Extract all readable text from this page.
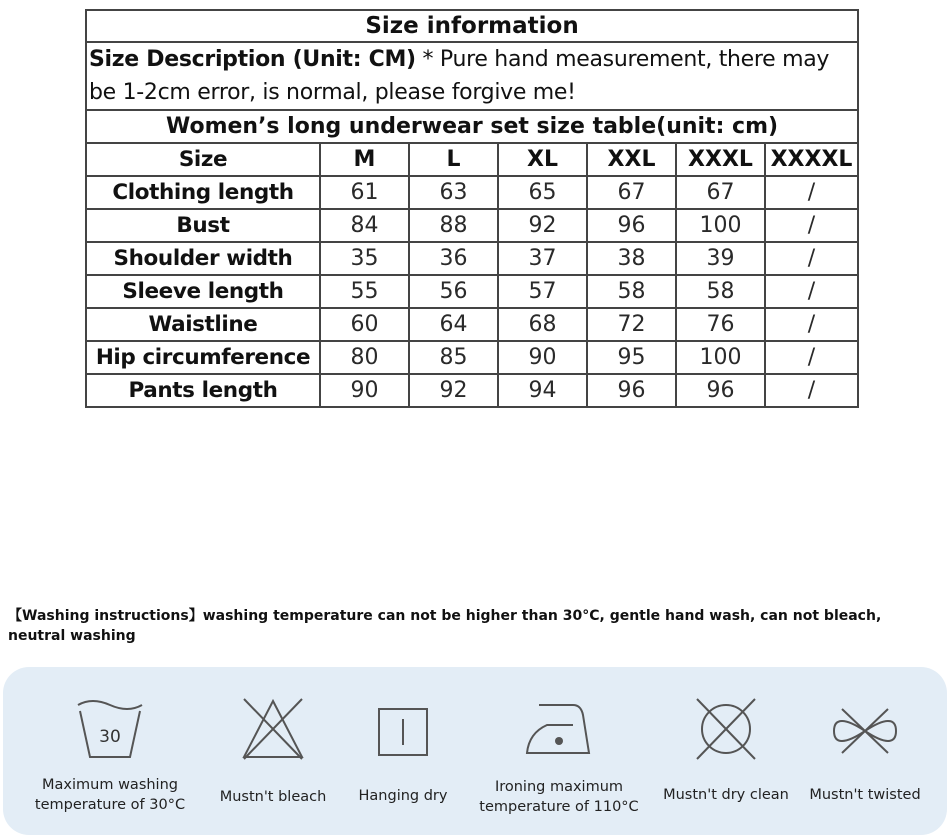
Size information						
Size Description (Unit: CM) * Pure hand measurement, there may be 1-2cm error, is normal, please forgive me!						
Women’s long underwear set size table(unit: cm)						
Size	M	L	XL	XXL	XXXL	XXXXL
Clothing length	61	63	65	67	67	/
Bust	84	88	92	96	100	/
Shoulder width	35	36	37	38	39	/
Sleeve length	55	56	57	58	58	/
Waistline	60	64	68	72	76	/
Hip circumference	80	85	90	95	100	/
Pants length	90	92	94	96	96	/
【Washing instructions】washing temperature can not be higher than 30°C, gentle hand wash, can not bleach,
neutral washing
30
Maximum washing
temperature of 30°C	Mustn't bleach	Hanging dry
Ironing maximum
temperature of 110°C
Mustn't dry clean	Mustn't twisted
